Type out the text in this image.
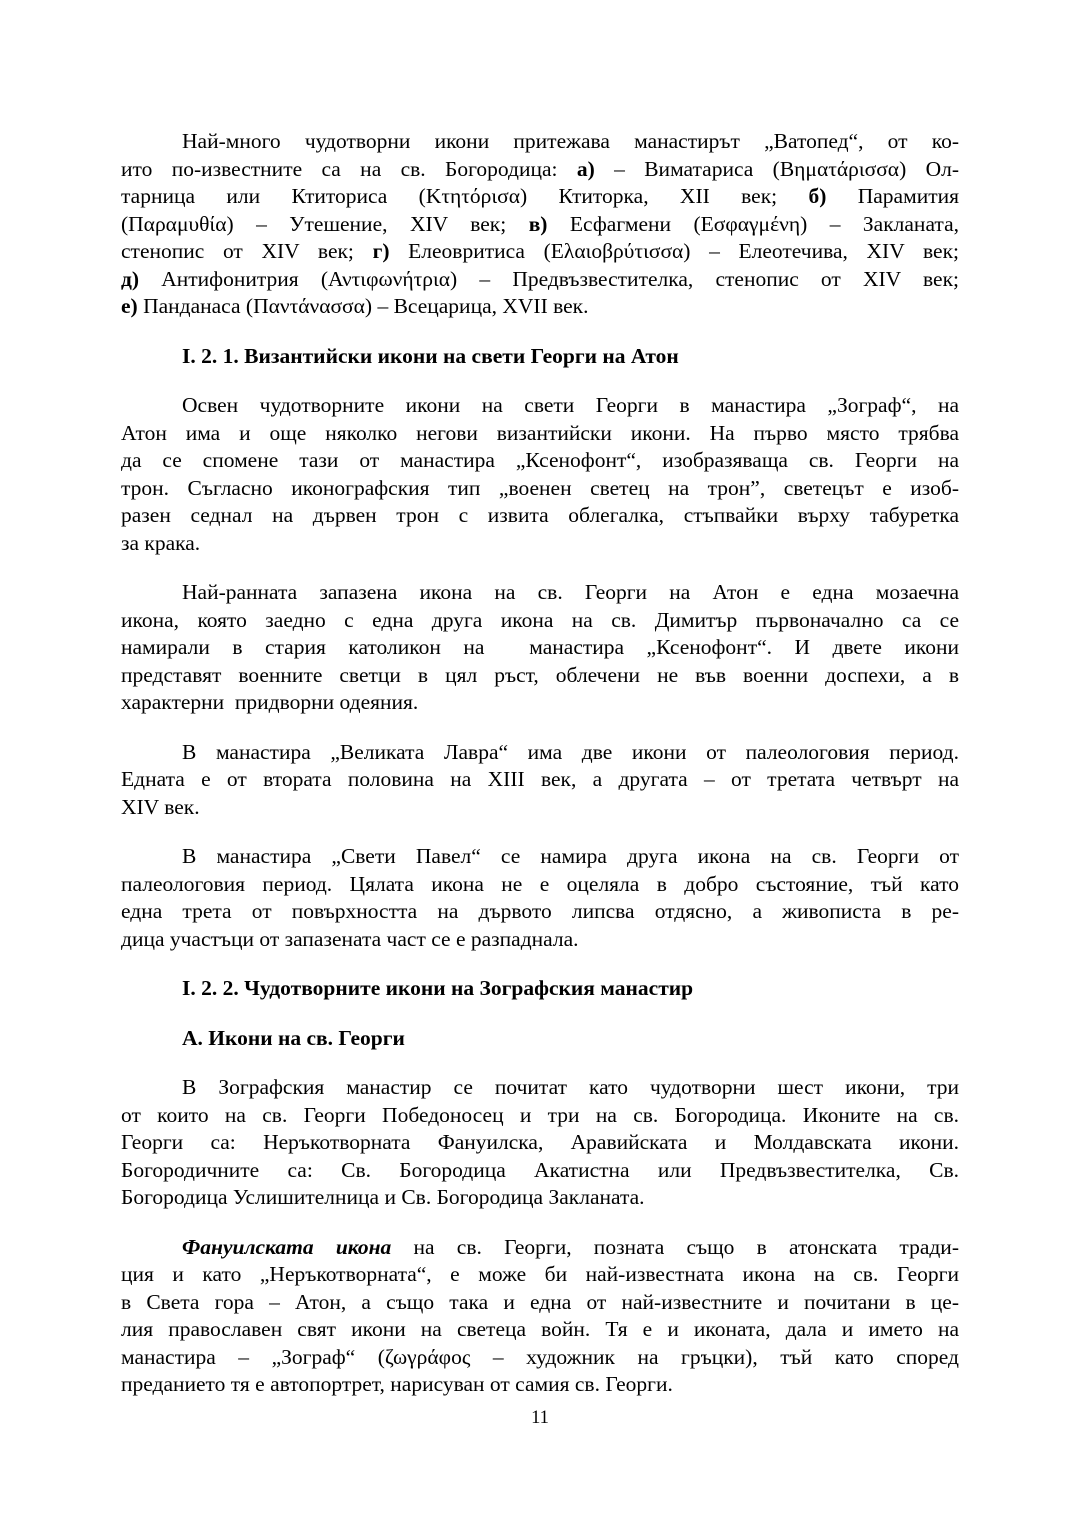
Най-много чудотворни икони притежава манастирът „Ватопед“, от ко-
ито по-известните са на св. Богородица: а) – Виматариса (Βηματάρισσα) Ол-
тарница или Ктиториса (Κτητόρισα) Ктиторка, XII век; б) Парамития
(Παραμυθία) – Утешение, XIV век; в) Есфагмени (Εσφαγμένη) – Закланата,
стенопис от XIV век; г) Елеовритиса (Ελαιοβρύτισσα) – Елеотечива, XIV век;
д) Антифонитрия (Αντιφωνήτρια) – Предвъзвестителка, стенопис от XIV век;
е) Панданаса (Παντάνασσα) – Всецарица, XVII век.
I. 2. 1. Византийски икони на свети Георги на Атон
Освен чудотворните икони на свети Георги в манастира „Зограф“, на
Атон има и още няколко негови византийски икони. На първо място трябва
да се спомене тази от манастира „Ксенофонт“, изобразяваща св. Георги на
трон. Съгласно иконографския тип „военен светец на трон”, светецът е изоб-
разен седнал на дървен трон с извита облегалка, стъпвайки върху табуретка
за крака.
Най-ранната запазена икона на св. Георги на Атон е една мозаечна
икона, която заедно с една друга икона на св. Димитър първоначално са се
намирали в стария католикон на  манастира „Ксенофонт“. И двете икони
представят военните светци в цял ръст, облечени не във военни доспехи, а в
характерни  придворни одеяния.
В манастира „Великата Лавра“ има две икони от палеологовия период.
Едната е от втората половина на XIII век, а другата – от третата четвърт на
XIV век.
В манастира „Свети Павел“ се намира друга икона на св. Георги от
палеологовия период. Цялата икона не е оцеляла в добро състояние, тъй като
една трета от повърхността на дървото липсва отдясно, а живописта в ре-
дица участъци от запазената част се е разпаднала.
I. 2. 2. Чудотворните икони на Зографския манастир
А. Икони на св. Георги
В Зографския манастир се почитат като чудотворни шест икони, три
от които на св. Георги Победоносец и три на св. Богородица. Иконите на св.
Георги са: Неръкотворната Фануилска, Аравийската и Молдавската икони.
Богородичните са: Св. Богородица Акатистна или Предвъзвестителка, Св.
Богородица Услишителница и Св. Богородица Закланата.
Фануилската икона на св. Георги, позната също в атонската тради-
ция и като „Неръкотворната“, е може би най-известната икона на св. Георги
в Света гора – Атон, а също така и една от най-известните и почитани в це-
лия православен свят икони на светеца войн. Тя е и иконата, дала и името на
манастира – „Зограф“ (ζωγράφος – художник на гръцки), тъй като според
преданието тя е автопортрет, нарисуван от самия св. Георги.
11
